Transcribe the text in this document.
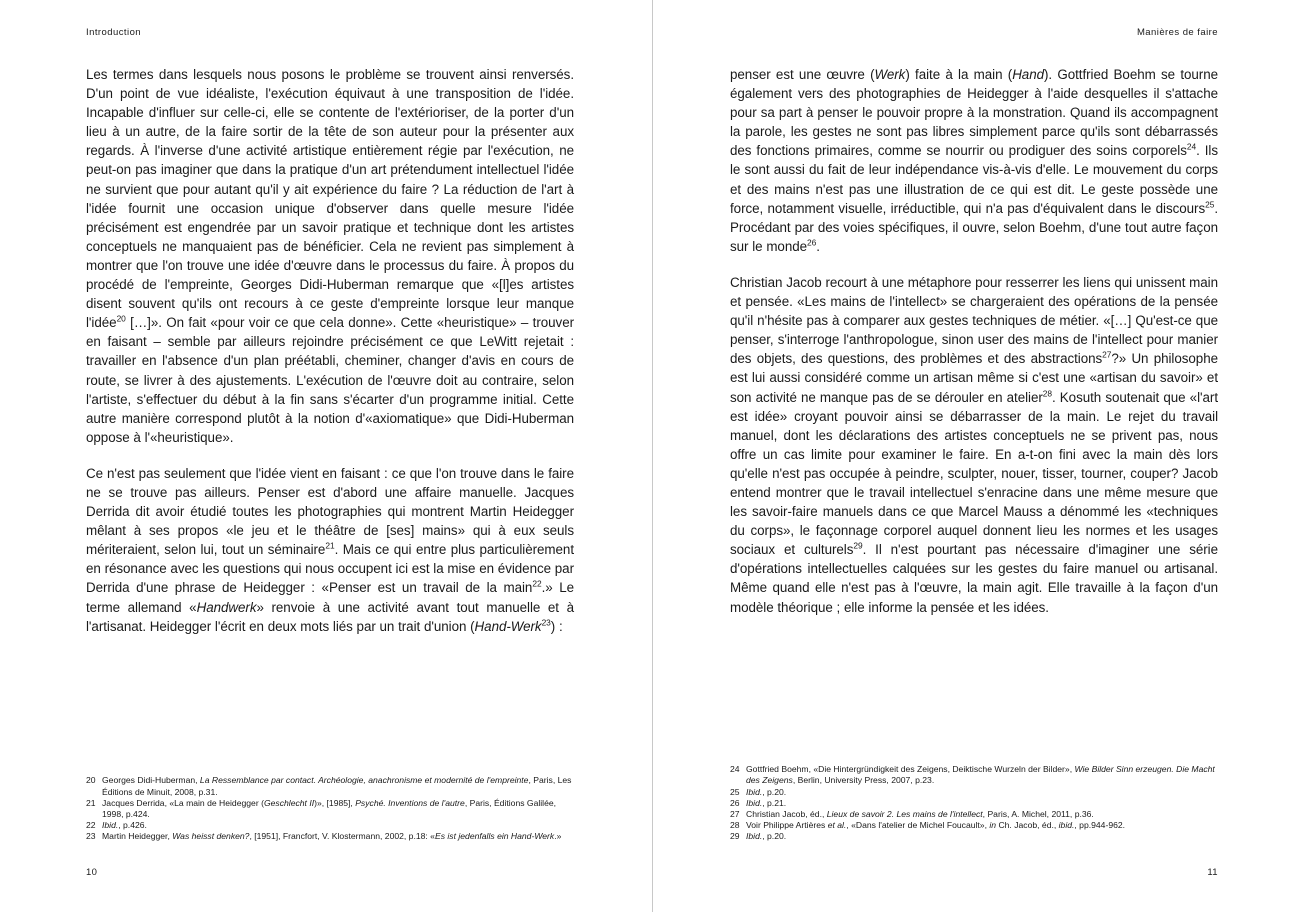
Introduction

Les termes dans lesquels nous posons le problème se trouvent ainsi renversés. D'un point de vue idéaliste, l'exécution équivaut à une transposition de l'idée. Incapable d'influer sur celle-ci, elle se contente de l'extérioriser, de la porter d'un lieu à un autre, de la faire sortir de la tête de son auteur pour la présenter aux regards. À l'inverse d'une activité artistique entièrement régie par l'exécution, ne peut-on pas imaginer que dans la pratique d'un art prétendument intellectuel l'idée ne survient que pour autant qu'il y ait expérience du faire ? La réduction de l'art à l'idée fournit une occasion unique d'observer dans quelle mesure l'idée précisément est engendrée par un savoir pratique et technique dont les artistes conceptuels ne manquaient pas de bénéficier. Cela ne revient pas simplement à montrer que l'on trouve une idée d'œuvre dans le processus du faire. À propos du procédé de l'empreinte, Georges Didi-Huberman remarque que «[l]es artistes disent souvent qu'ils ont recours à ce geste d'empreinte lorsque leur manque l'idée$^{20}$ […]». On fait «pour voir ce que cela donne». Cette «heuristique» – trouver en faisant – semble par ailleurs rejoindre précisément ce que LeWitt rejetait : travailler en l'absence d'un plan préétabli, cheminer, changer d'avis en cours de route, se livrer à des ajustements. L'exécution de l'œuvre doit au contraire, selon l'artiste, s'effectuer du début à la fin sans s'écarter d'un programme initial. Cette autre manière correspond plutôt à la notion d'«axiomatique» que Didi-Huberman oppose à l'«heuristique».

Ce n'est pas seulement que l'idée vient en faisant : ce que l'on trouve dans le faire ne se trouve pas ailleurs. Penser est d'abord une affaire manuelle. Jacques Derrida dit avoir étudié toutes les photographies qui montrent Martin Heidegger mêlant à ses propos «le jeu et le théâtre de [ses] mains» qui à eux seuls mériteraient, selon lui, tout un séminaire$^{21}$. Mais ce qui entre plus particulièrement en résonance avec les questions qui nous occupent ici est la mise en évidence par Derrida d'une phrase de Heidegger : «Penser est un travail de la main$^{22}$.» Le terme allemand «Handwerk» renvoie à une activité avant tout manuelle et à l'artisanat. Heidegger l'écrit en deux mots liés par un trait d'union (Hand-Werk$^{23}$) :

20 Georges Didi-Huberman, La Ressemblance par contact. Archéologie, anachronisme et modernité de l'empreinte, Paris, Les Éditions de Minuit, 2008, p.31.
21 Jacques Derrida, «La main de Heidegger (Geschlecht II)», [1985], Psyché. Inventions de l'autre, Paris, Éditions Galilée, 1998, p.424.
22 Ibid., p.426.
23 Martin Heidegger, Was heisst denken?, [1951], Francfort, V. Klostermann, 2002, p.18: «Es ist jedenfalls ein Hand-Werk.»
10
Manières de faire

penser est une œuvre (Werk) faite à la main (Hand). Gottfried Boehm se tourne également vers des photographies de Heidegger à l'aide desquelles il s'attache pour sa part à penser le pouvoir propre à la monstration. Quand ils accompagnent la parole, les gestes ne sont pas libres simplement parce qu'ils sont débarrassés des fonctions primaires, comme se nourrir ou prodiguer des soins corporels$^{24}$. Ils le sont aussi du fait de leur indépendance vis-à-vis d'elle. Le mouvement du corps et des mains n'est pas une illustration de ce qui est dit. Le geste possède une force, notamment visuelle, irréductible, qui n'a pas d'équivalent dans le discours$^{25}$. Procédant par des voies spécifiques, il ouvre, selon Boehm, d'une tout autre façon sur le monde$^{26}$.

Christian Jacob recourt à une métaphore pour resserrer les liens qui unissent main et pensée. «Les mains de l'intellect» se chargeraient des opérations de la pensée qu'il n'hésite pas à comparer aux gestes techniques de métier. «[…] Qu'est-ce que penser, s'interroge l'anthropologue, sinon user des mains de l'intellect pour manier des objets, des questions, des problèmes et des abstractions$^{27}$?» Un philosophe est lui aussi considéré comme un artisan même si c'est une «artisan du savoir» et son activité ne manque pas de se dérouler en atelier$^{28}$. Kosuth soutenait que «l'art est idée» croyant pouvoir ainsi se débarrasser de la main. Le rejet du travail manuel, dont les déclarations des artistes conceptuels ne se privent pas, nous offre un cas limite pour examiner le faire. En a-t-on fini avec la main dès lors qu'elle n'est pas occupée à peindre, sculpter, nouer, tisser, tourner, couper? Jacob entend montrer que le travail intellectuel s'enracine dans une même mesure que les savoir-faire manuels dans ce que Marcel Mauss a dénommé les «techniques du corps», le façonnage corporel auquel donnent lieu les normes et les usages sociaux et culturels$^{29}$. Il n'est pourtant pas nécessaire d'imaginer une série d'opérations intellectuelles calquées sur les gestes du faire manuel ou artisanal. Même quand elle n'est pas à l'œuvre, la main agit. Elle travaille à la façon d'un modèle théorique ; elle informe la pensée et les idées.

24 Gottfried Boehm, «Die Hintergründigkeit des Zeigens, Deiktische Wurzeln der Bilder», Wie Bilder Sinn erzeugen. Die Macht des Zeigens, Berlin, University Press, 2007, p.23.
25 Ibid., p.20.
26 Ibid., p.21.
27 Christian Jacob, éd., Lieux de savoir 2. Les mains de l'intellect, Paris, A. Michel, 2011, p.36.
28 Voir Philippe Artières et al., «Dans l'atelier de Michel Foucault», in Ch. Jacob, éd., ibid., pp.944-962.
29 Ibid., p.20.
11
